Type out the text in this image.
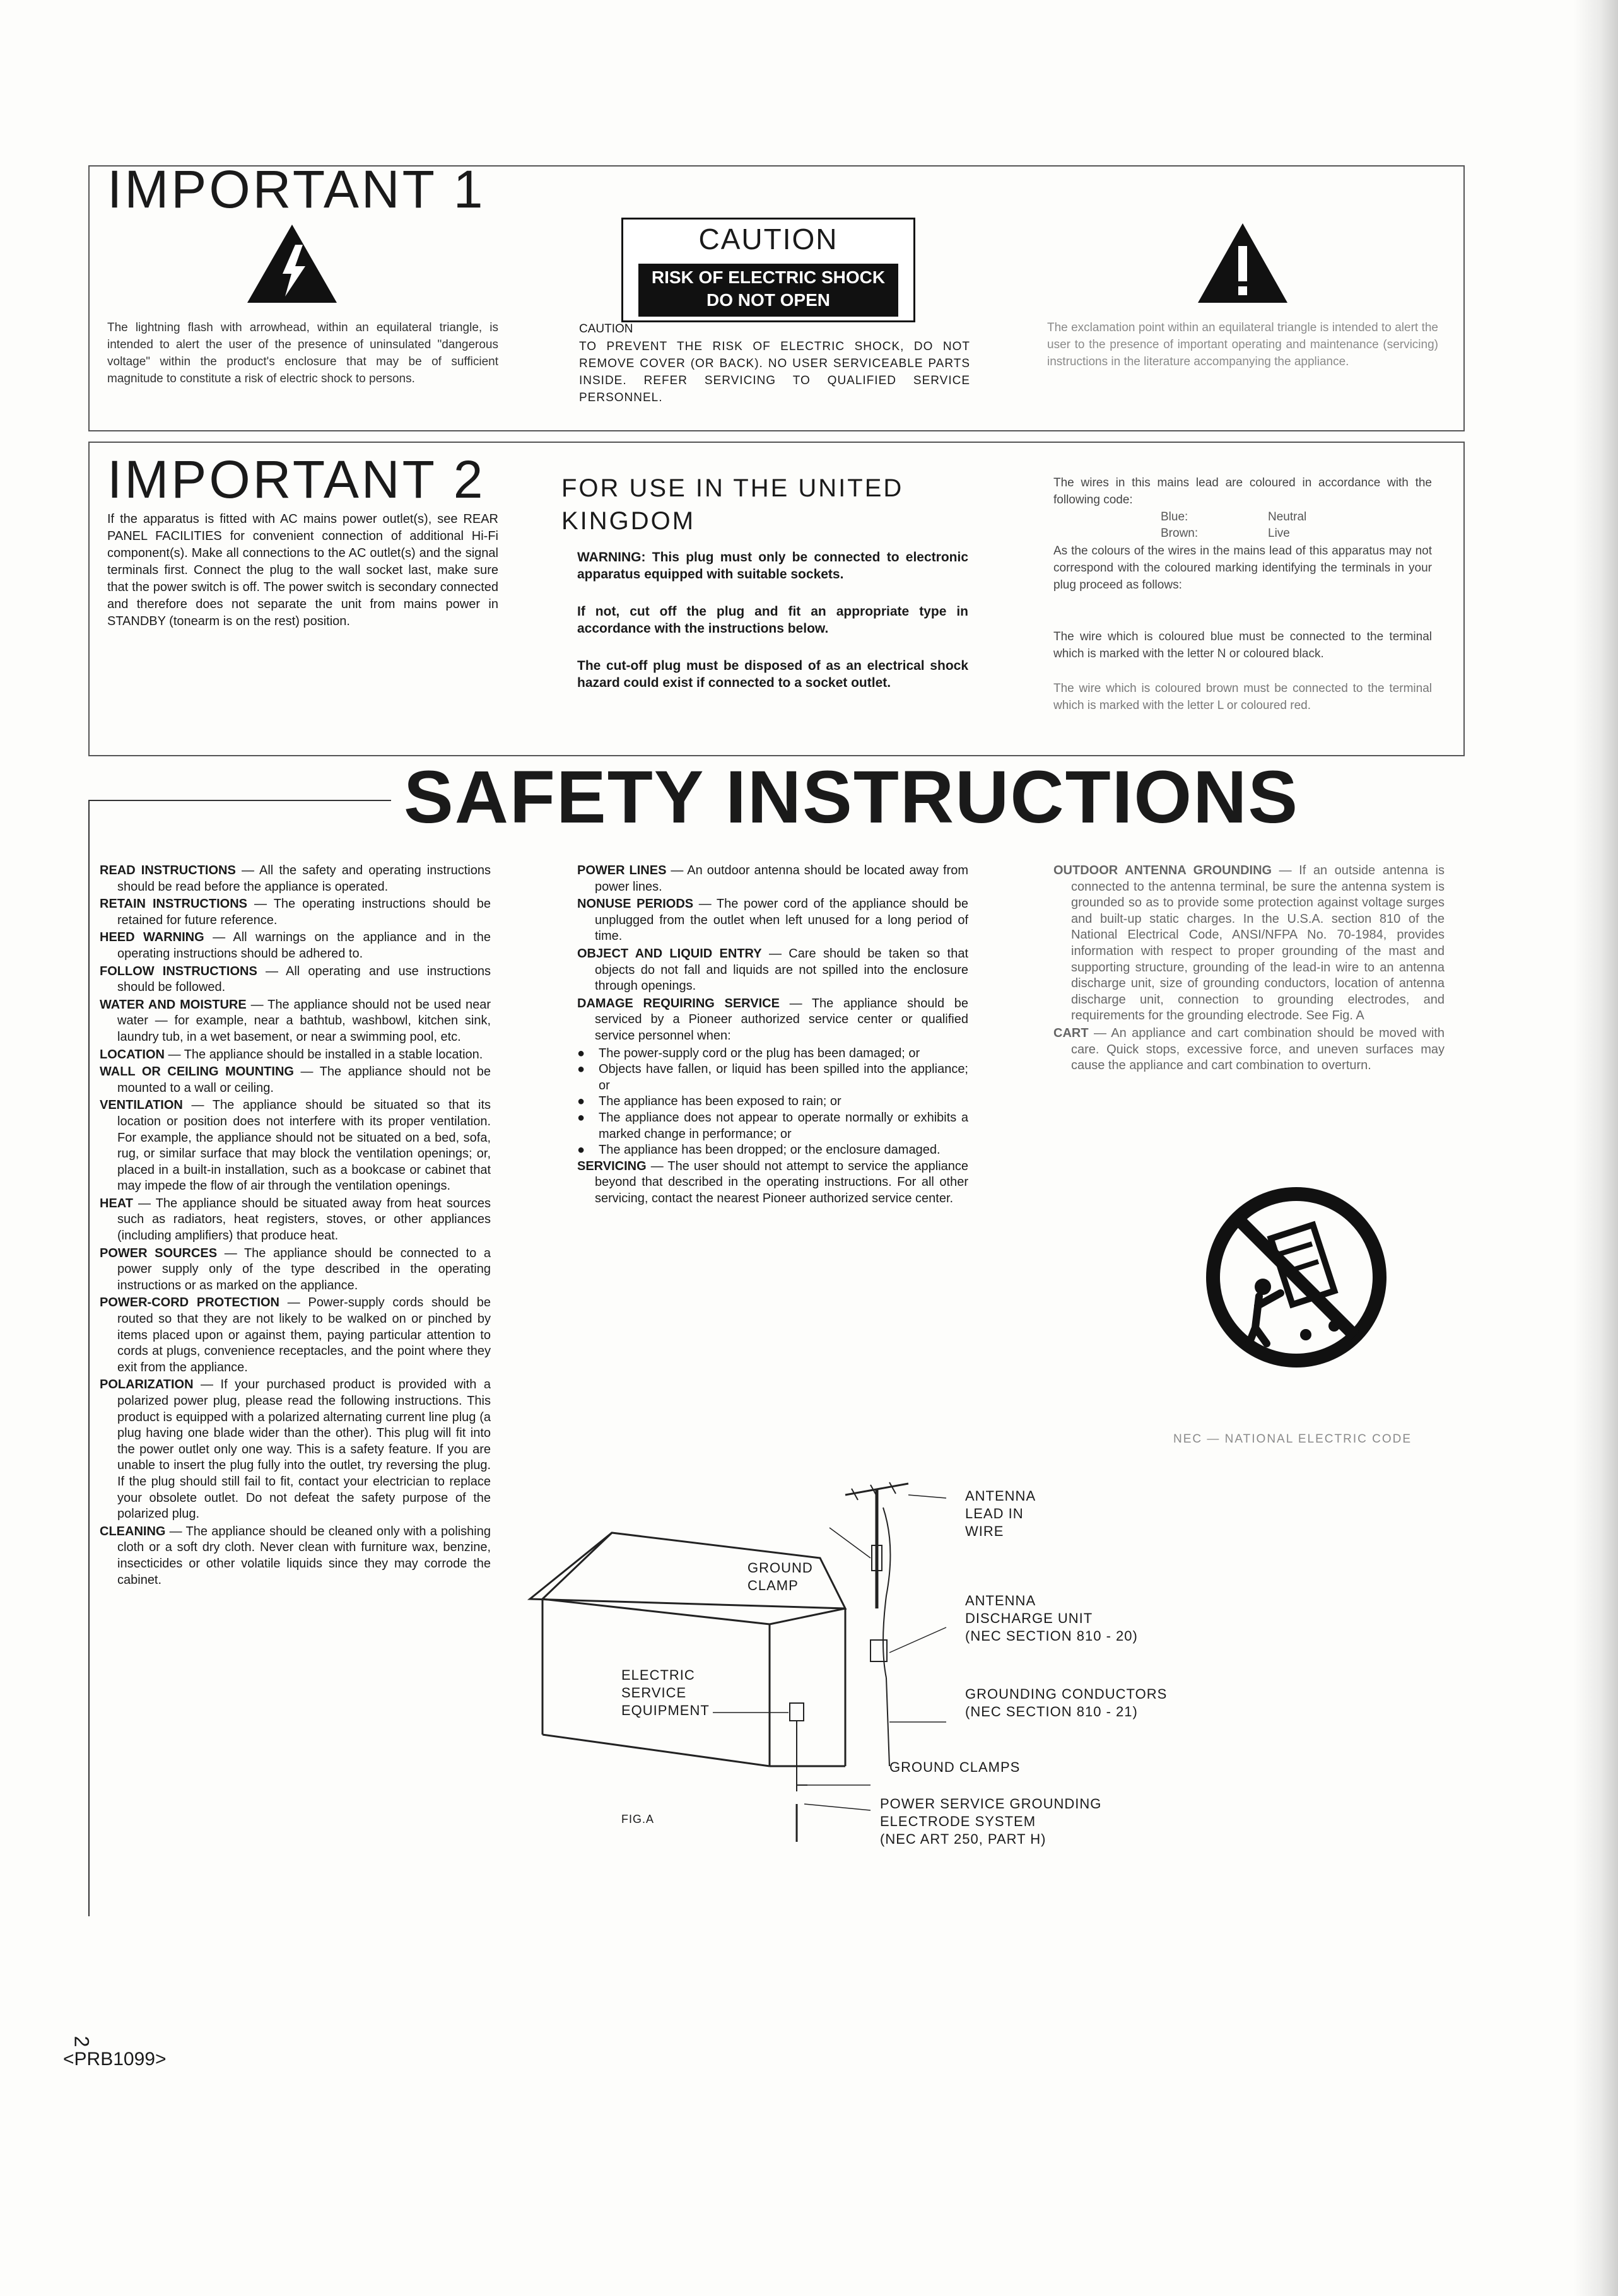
IMPORTANT 1
The lightning flash with arrowhead, within an equilateral triangle, is intended to alert the user of the presence of uninsulated "dangerous voltage" within the product's enclosure that may be of sufficient magnitude to constitute a risk of electric shock to persons.
CAUTION
RISK OF ELECTRIC SHOCK DO NOT OPEN
CAUTION
TO PREVENT THE RISK OF ELECTRIC SHOCK, DO NOT REMOVE COVER (OR BACK). NO USER SERVICEABLE PARTS INSIDE. REFER SERVICING TO QUALIFIED SERVICE PERSONNEL.
The exclamation point within an equilateral triangle is intended to alert the user to the presence of important operating and maintenance (servicing) instructions in the literature accompanying the appliance.
IMPORTANT 2
If the apparatus is fitted with AC mains power outlet(s), see REAR PANEL FACILITIES for convenient connection of additional Hi-Fi component(s). Make all connections to the AC outlet(s) and the signal terminals first. Connect the plug to the wall socket last, make sure that the power switch is off. The power switch is secondary connected and therefore does not separate the unit from mains power in STANDBY (tonearm is on the rest) position.
FOR USE IN THE UNITED KINGDOM
WARNING: This plug must only be connected to electronic apparatus equipped with suitable sockets.
If not, cut off the plug and fit an appropriate type in accordance with the instructions below.
The cut-off plug must be disposed of as an electrical shock hazard could exist if connected to a socket outlet.
The wires in this mains lead are coloured in accordance with the following code:
Blue:	Neutral
Brown:	Live
As the colours of the wires in the mains lead of this apparatus may not correspond with the coloured marking identifying the terminals in your plug proceed as follows:
The wire which is coloured blue must be connected to the terminal which is marked with the letter N or coloured black.
The wire which is coloured brown must be connected to the terminal which is marked with the letter L or coloured red.
SAFETY INSTRUCTIONS
READ INSTRUCTIONS — All the safety and operating instructions should be read before the appliance is operated.
RETAIN INSTRUCTIONS — The operating instructions should be retained for future reference.
HEED WARNING — All warnings on the appliance and in the operating instructions should be adhered to.
FOLLOW INSTRUCTIONS — All operating and use instructions should be followed.
WATER AND MOISTURE — The appliance should not be used near water — for example, near a bathtub, washbowl, kitchen sink, laundry tub, in a wet basement, or near a swimming pool, etc.
LOCATION — The appliance should be installed in a stable location.
WALL OR CEILING MOUNTING — The appliance should not be mounted to a wall or ceiling.
VENTILATION — The appliance should be situated so that its location or position does not interfere with its proper ventilation. For example, the appliance should not be situated on a bed, sofa, rug, or similar surface that may block the ventilation openings; or, placed in a built-in installation, such as a bookcase or cabinet that may impede the flow of air through the ventilation openings.
HEAT — The appliance should be situated away from heat sources such as radiators, heat registers, stoves, or other appliances (including amplifiers) that produce heat.
POWER SOURCES — The appliance should be connected to a power supply only of the type described in the operating instructions or as marked on the appliance.
POWER-CORD PROTECTION — Power-supply cords should be routed so that they are not likely to be walked on or pinched by items placed upon or against them, paying particular attention to cords at plugs, convenience receptacles, and the point where they exit from the appliance.
POLARIZATION — If your purchased product is provided with a polarized power plug, please read the following instructions. This product is equipped with a polarized alternating current line plug (a plug having one blade wider than the other). This plug will fit into the power outlet only one way. This is a safety feature. If you are unable to insert the plug fully into the outlet, try reversing the plug. If the plug should still fail to fit, contact your electrician to replace your obsolete outlet. Do not defeat the safety purpose of the polarized plug.
CLEANING — The appliance should be cleaned only with a polishing cloth or a soft dry cloth. Never clean with furniture wax, benzine, insecticides or other volatile liquids since they may corrode the cabinet.
POWER LINES — An outdoor antenna should be located away from power lines.
NONUSE PERIODS — The power cord of the appliance should be unplugged from the outlet when left unused for a long period of time.
OBJECT AND LIQUID ENTRY — Care should be taken so that objects do not fall and liquids are not spilled into the enclosure through openings.
DAMAGE REQUIRING SERVICE — The appliance should be serviced by a Pioneer authorized service center or qualified service personnel when:
● The power-supply cord or the plug has been damaged; or
● Objects have fallen, or liquid has been spilled into the appliance; or
● The appliance has been exposed to rain; or
● The appliance does not appear to operate normally or exhibits a marked change in performance; or
● The appliance has been dropped; or the enclosure damaged.
SERVICING — The user should not attempt to service the appliance beyond that described in the operating instructions. For all other servicing, contact the nearest Pioneer authorized service center.
OUTDOOR ANTENNA GROUNDING — If an outside antenna is connected to the antenna terminal, be sure the antenna system is grounded so as to provide some protection against voltage surges and built-up static charges. In the U.S.A. section 810 of the National Electrical Code, ANSI/NFPA No. 70-1984, provides information with respect to proper grounding of the mast and supporting structure, grounding of the lead-in wire to an antenna discharge unit, size of grounding conductors, location of antenna discharge unit, connection to grounding electrodes, and requirements for the grounding electrode. See Fig. A
CART — An appliance and cart combination should be moved with care. Quick stops, excessive force, and uneven surfaces may cause the appliance and cart combination to overturn.
NEC — NATIONAL ELECTRIC CODE
ANTENNA
LEAD IN
WIRE
GROUND
CLAMP
ANTENNA
DISCHARGE UNIT
(NEC SECTION 810 - 20)
ELECTRIC
SERVICE
EQUIPMENT
GROUNDING CONDUCTORS
(NEC SECTION 810 - 21)
GROUND CLAMPS
POWER SERVICE GROUNDING
ELECTRODE SYSTEM
(NEC ART 250, PART H)
FIG.A
2
<PRB1099>
